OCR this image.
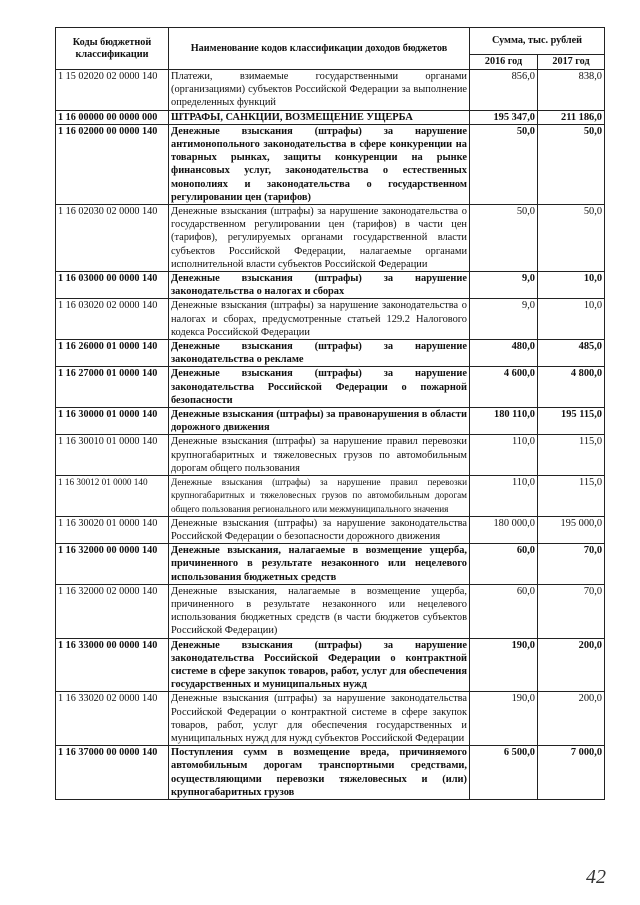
Коды бюджетной классификации	Наименование кодов классификации доходов бюджетов	Сумма, тыс. рублей	
		2016 год	2017 год
1 15 02020 02 0000 140	Платежи, взимаемые государственными органами (организациями) субъектов Российской Федерации за выполнение определенных функций	856,0	838,0
1 16 00000 00 0000 000	ШТРАФЫ, САНКЦИИ, ВОЗМЕЩЕНИЕ УЩЕРБА	195 347,0	211 186,0
1 16 02000 00 0000 140	Денежные взыскания (штрафы) за нарушение антимонопольного законодательства в сфере конкуренции на товарных рынках, защиты конкуренции на рынке финансовых услуг, законодательства о естественных монополиях и законодательства о государственном регулировании цен (тарифов)	50,0	50,0
1 16 02030 02 0000 140	Денежные взыскания (штрафы) за нарушение законодательства о государственном регулировании цен (тарифов) в части цен (тарифов), регулируемых органами государственной власти субъектов Российской Федерации, налагаемые органами исполнительной власти субъектов Российской Федерации	50,0	50,0
1 16 03000 00 0000 140	Денежные взыскания (штрафы) за нарушение законодательства о налогах и сборах	9,0	10,0
1 16 03020 02 0000 140	Денежные взыскания (штрафы) за нарушение законодательства о налогах и сборах, предусмотренные статьей 129.2 Налогового кодекса Российской Федерации	9,0	10,0
1 16 26000 01 0000 140	Денежные взыскания (штрафы) за нарушение законодательства о рекламе	480,0	485,0
1 16 27000 01 0000 140	Денежные взыскания (штрафы) за нарушение законодательства Российской Федерации о пожарной безопасности	4 600,0	4 800,0
1 16 30000 01 0000 140	Денежные взыскания (штрафы) за правонарушения в области дорожного движения	180 110,0	195 115,0
1 16 30010 01 0000 140	Денежные взыскания (штрафы) за нарушение правил перевозки крупногабаритных и тяжеловесных грузов по автомобильным дорогам общего пользования	110,0	115,0
1 16 30012 01 0000 140	Денежные взыскания (штрафы) за нарушение правил перевозки крупногабаритных и тяжеловесных грузов по автомобильным дорогам общего пользования регионального или межмуниципального значения	110,0	115,0
1 16 30020 01 0000 140	Денежные взыскания (штрафы) за нарушение законодательства Российской Федерации о безопасности дорожного движения	180 000,0	195 000,0
1 16 32000 00 0000 140	Денежные взыскания, налагаемые в возмещение ущерба, причиненного в результате незаконного или нецелевого использования бюджетных средств	60,0	70,0
1 16 32000 02 0000 140	Денежные взыскания, налагаемые в возмещение ущерба, причиненного в результате незаконного или нецелевого использования бюджетных средств (в части бюджетов субъектов Российской Федерации)	60,0	70,0
1 16 33000 00 0000 140	Денежные взыскания (штрафы) за нарушение законодательства Российской Федерации о контрактной системе в сфере закупок товаров, работ, услуг для обеспечения государственных и муниципальных нужд	190,0	200,0
1 16 33020 02 0000 140	Денежные взыскания (штрафы) за нарушение законодательства Российской Федерации о контрактной системе в сфере закупок товаров, работ, услуг для обеспечения государственных и муниципальных нужд для нужд субъектов Российской Федерации	190,0	200,0
1 16 37000 00 0000 140	Поступления сумм в возмещение вреда, причиняемого автомобильным дорогам транспортными средствами, осуществляющими перевозки тяжеловесных и (или) крупногабаритных грузов	6 500,0	7 000,0
42
